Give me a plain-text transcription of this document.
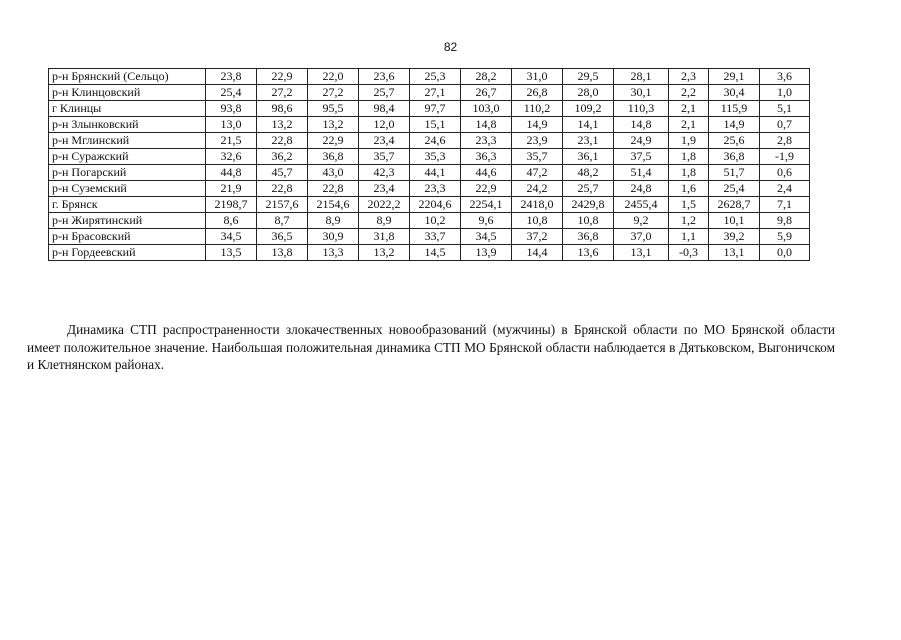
82
р-н Брянский (Сельцо)	23,8	22,9	22,0	23,6	25,3	28,2	31,0	29,5	28,1	2,3	29,1	3,6
р-н Клинцовский	25,4	27,2	27,2	25,7	27,1	26,7	26,8	28,0	30,1	2,2	30,4	1,0
г Клинцы	93,8	98,6	95,5	98,4	97,7	103,0	110,2	109,2	110,3	2,1	115,9	5,1
р-н Злынковский	13,0	13,2	13,2	12,0	15,1	14,8	14,9	14,1	14,8	2,1	14,9	0,7
р-н Мглинский	21,5	22,8	22,9	23,4	24,6	23,3	23,9	23,1	24,9	1,9	25,6	2,8
р-н Суражский	32,6	36,2	36,8	35,7	35,3	36,3	35,7	36,1	37,5	1,8	36,8	-1,9
р-н Погарский	44,8	45,7	43,0	42,3	44,1	44,6	47,2	48,2	51,4	1,8	51,7	0,6
р-н Суземский	21,9	22,8	22,8	23,4	23,3	22,9	24,2	25,7	24,8	1,6	25,4	2,4
г. Брянск	2198,7	2157,6	2154,6	2022,2	2204,6	2254,1	2418,0	2429,8	2455,4	1,5	2628,7	7,1
р-н Жирятинский	8,6	8,7	8,9	8,9	10,2	9,6	10,8	10,8	9,2	1,2	10,1	9,8
р-н Брасовский	34,5	36,5	30,9	31,8	33,7	34,5	37,2	36,8	37,0	1,1	39,2	5,9
р-н Гордеевский	13,5	13,8	13,3	13,2	14,5	13,9	14,4	13,6	13,1	-0,3	13,1	0,0

Динамика СТП распространенности злокачественных новообразований (мужчины) в Брянской области по МО Брянской области имеет положительное значение. Наибольшая положительная динамика СТП МО Брянской области наблюдается в Дятьковском, Выгоничском и Клетнянском районах.
